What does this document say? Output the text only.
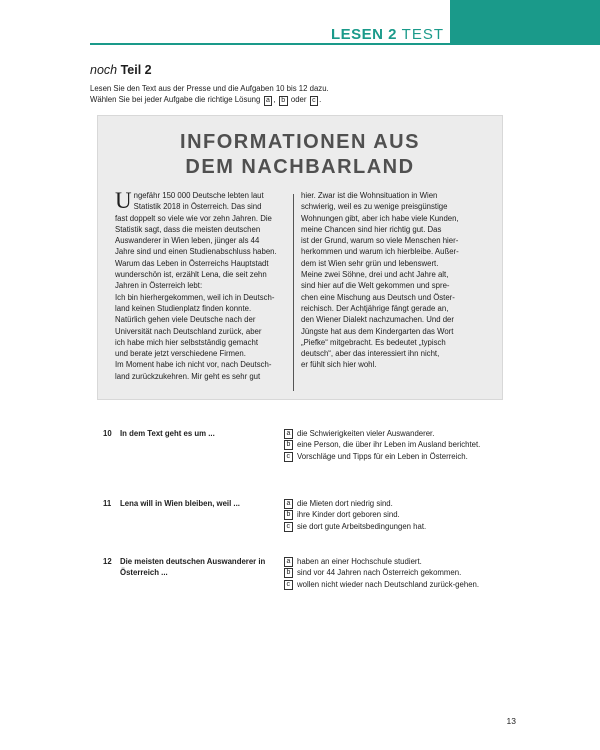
LESEN 2 TEST
noch Teil 2
Lesen Sie den Text aus der Presse und die Aufgaben 10 bis 12 dazu.
Wählen Sie bei jeder Aufgabe die richtige Lösung a , b oder c .
INFORMATIONEN AUS
DEM NACHBARLAND
U ngefähr 150 000 Deutsche lebten laut
Statistik 2018 in Österreich. Das sind
fast doppelt so viele wie vor zehn Jahren. Die
Statistik sagt, dass die meisten deutschen
Auswanderer in Wien leben, jünger als 44
Jahre sind und einen Studienabschluss haben.
Warum das Leben in Österreichs Hauptstadt
wunderschön ist, erzählt Lena, die seit zehn
Jahren in Österreich lebt:
Ich bin hierhergekommen, weil ich in Deutsch-
land keinen Studienplatz finden konnte.
Natürlich gehen viele Deutsche nach der
Universität nach Deutschland zurück, aber
ich habe mich hier selbstständig gemacht
und berate jetzt verschiedene Firmen.
Im Moment habe ich nicht vor, nach Deutsch-
land zurückzukehren. Mir geht es sehr gut
hier. Zwar ist die Wohnsituation in Wien
schwierig, weil es zu wenige preisgünstige
Wohnungen gibt, aber ich habe viele Kunden,
meine Chancen sind hier richtig gut. Das
ist der Grund, warum so viele Menschen hier-
herkommen und warum ich hierbleibe. Außer-
dem ist Wien sehr grün und lebenswert.
Meine zwei Söhne, drei und acht Jahre alt,
sind hier auf die Welt gekommen und spre-
chen eine Mischung aus Deutsch und Öster-
reichisch. Der Achtjährige fängt gerade an,
den Wiener Dialekt nachzumachen. Und der
Jüngste hat aus dem Kindergarten das Wort
„Piefke“ mitgebracht. Es bedeutet „typisch
deutsch“, aber das interessiert ihn nicht,
er fühlt sich hier wohl.
10 In dem Text geht es um ...	a die Schwierigkeiten vieler Auswanderer.
b eine Person, die über ihr Leben im Ausland berichtet.
c Vorschläge und Tipps für ein Leben in Österreich.
11 Lena will in Wien bleiben, weil ...	a die Mieten dort niedrig sind.
b ihre Kinder dort geboren sind.
c sie dort gute Arbeitsbedingungen hat.
12 Die meisten deutschen Auswanderer in Österreich ...
a haben an einer Hochschule studiert.
b sind vor 44 Jahren nach Österreich gekommen.
c wollen nicht wieder nach Deutschland zurück-gehen.
13
